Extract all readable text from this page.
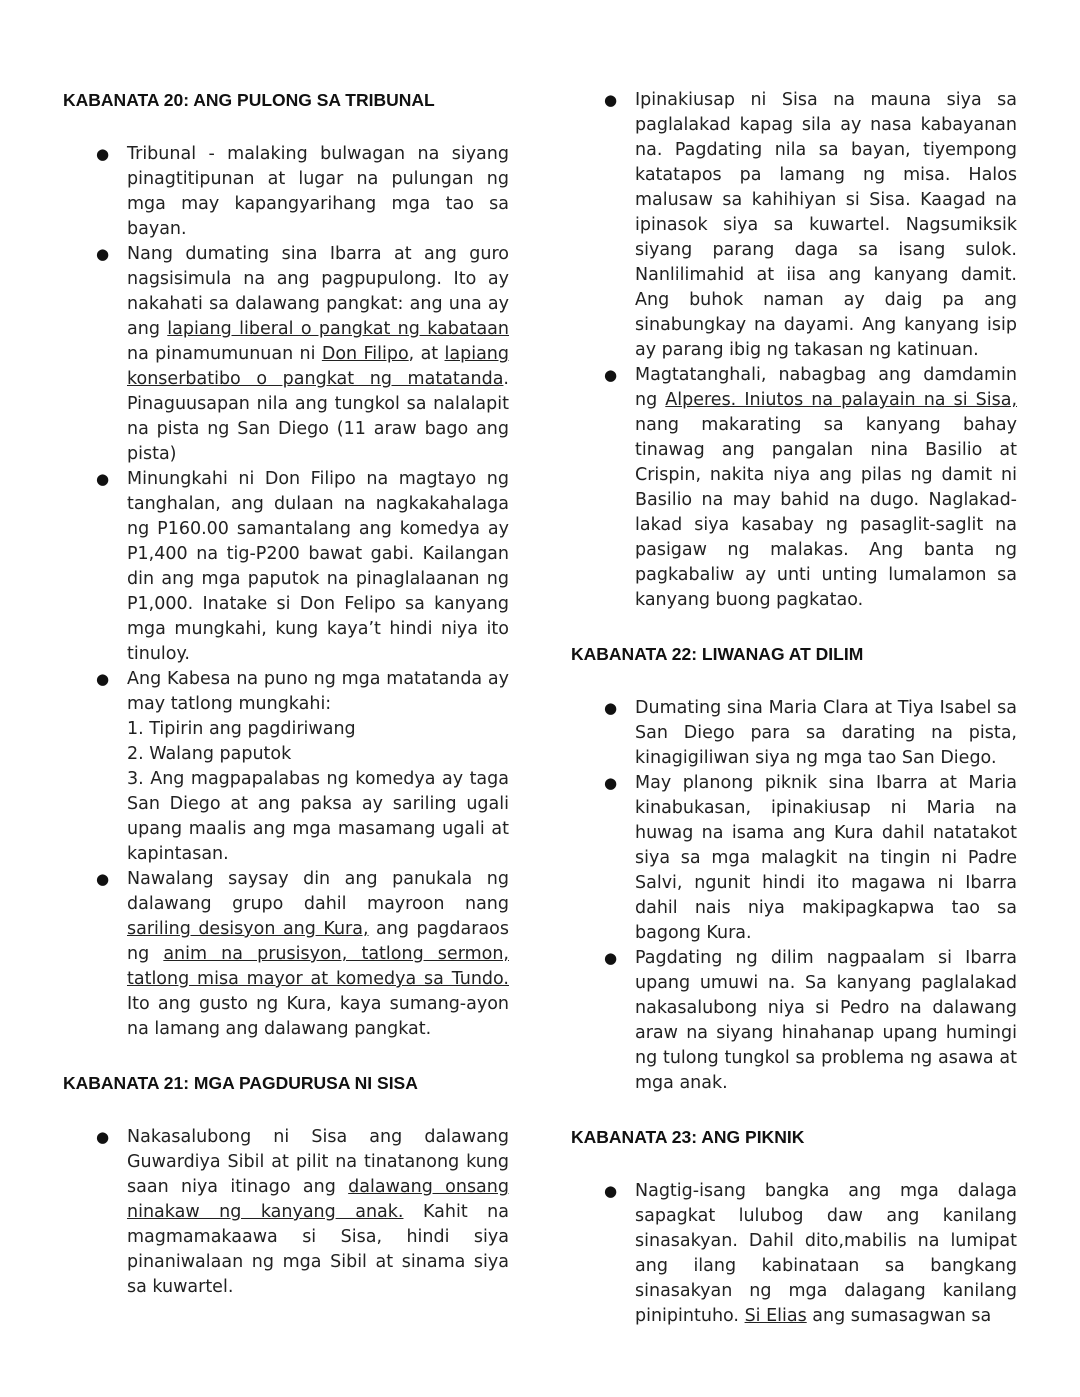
KABANATA 20: ANG PULONG SA TRIBUNAL
● Tribunal - malaking bulwagan na siyang pinagtitipunan at lugar na pulungan ng mga may kapangyarihang mga tao sa bayan.
● Nang dumating sina Ibarra at ang guro nagsisimula na ang pagpupulong. Ito ay nakahati sa dalawang pangkat: ang una ay ang lapiang liberal o pangkat ng kabataan na pinamumunuan ni Don Filipo, at lapiang konserbatibo o pangkat ng matatanda. Pinaguusapan nila ang tungkol sa nalalapit na pista ng San Diego (11 araw bago ang pista)
● Minungkahi ni Don Filipo na magtayo ng tanghalan, ang dulaan na nagkakahalaga ng P160.00 samantalang ang komedya ay P1,400 na tig-P200 bawat gabi. Kailangan din ang mga paputok na pinaglalaanan ng P1,000. Inatake si Don Felipo sa kanyang mga mungkahi, kung kaya’t hindi niya ito tinuloy.
● Ang Kabesa na puno ng mga matatanda ay may tatlong mungkahi:
1. Tipirin ang pagdiriwang
2. Walang paputok
3. Ang magpapalabas ng komedya ay taga San Diego at ang paksa ay sariling ugali upang maalis ang mga masamang ugali at kapintasan.
● Nawalang saysay din ang panukala ng dalawang grupo dahil mayroon nang sariling desisyon ang Kura, ang pagdaraos ng anim na prusisyon, tatlong sermon, tatlong misa mayor at komedya sa Tundo. Ito ang gusto ng Kura, kaya sumang-ayon na lamang ang dalawang pangkat.
KABANATA 21: MGA PAGDURUSA NI SISA
● Nakasalubong ni Sisa ang dalawang Guwardiya Sibil at pilit na tinatanong kung saan niya itinago ang dalawang onsang ninakaw ng kanyang anak. Kahit na magmamakaawa si Sisa, hindi siya pinaniwalaan ng mga Sibil at sinama siya sa kuwartel.
● Ipinakiusap ni Sisa na mauna siya sa paglalakad kapag sila ay nasa kabayanan na. Pagdating nila sa bayan, tiyempong katatapos pa lamang ng misa. Halos malusaw sa kahihiyan si Sisa. Kaagad na ipinasok siya sa kuwartel. Nagsumiksik siyang parang daga sa isang sulok. Nanlilimahid at iisa ang kanyang damit. Ang buhok naman ay daig pa ang sinabungkay na dayami. Ang kanyang isip ay parang ibig ng takasan ng katinuan.
● Magtatanghali, nabagbag ang damdamin ng Alperes. Iniutos na palayain na si Sisa, nang makarating sa kanyang bahay tinawag ang pangalan nina Basilio at Crispin, nakita niya ang pilas ng damit ni Basilio na may bahid na dugo. Naglakad-lakad siya kasabay ng pasaglit-saglit na pasigaw ng malakas. Ang banta ng pagkabaliw ay unti unting lumalamon sa kanyang buong pagkatao.
KABANATA 22: LIWANAG AT DILIM
● Dumating sina Maria Clara at Tiya Isabel sa San Diego para sa darating na pista, kinagigiliwan siya ng mga tao San Diego.
● May planong piknik sina Ibarra at Maria kinabukasan, ipinakiusap ni Maria na huwag na isama ang Kura dahil natatakot siya sa mga malagkit na tingin ni Padre Salvi, ngunit hindi ito magawa ni Ibarra dahil nais niya makipagkapwa tao sa bagong Kura.
● Pagdating ng dilim nagpaalam si Ibarra upang umuwi na. Sa kanyang paglalakad nakasalubong niya si Pedro na dalawang araw na siyang hinahanap upang humingi ng tulong tungkol sa problema ng asawa at mga anak.
KABANATA 23: ANG PIKNIK
● Nagtig-isang bangka ang mga dalaga sapagkat lulubog daw ang kanilang sinasakyan. Dahil dito,mabilis na lumipat ang ilang kabinataan sa bangkang sinasakyan ng mga dalagang kanilang pinipintuho. Si Elias ang sumasagwan sa
